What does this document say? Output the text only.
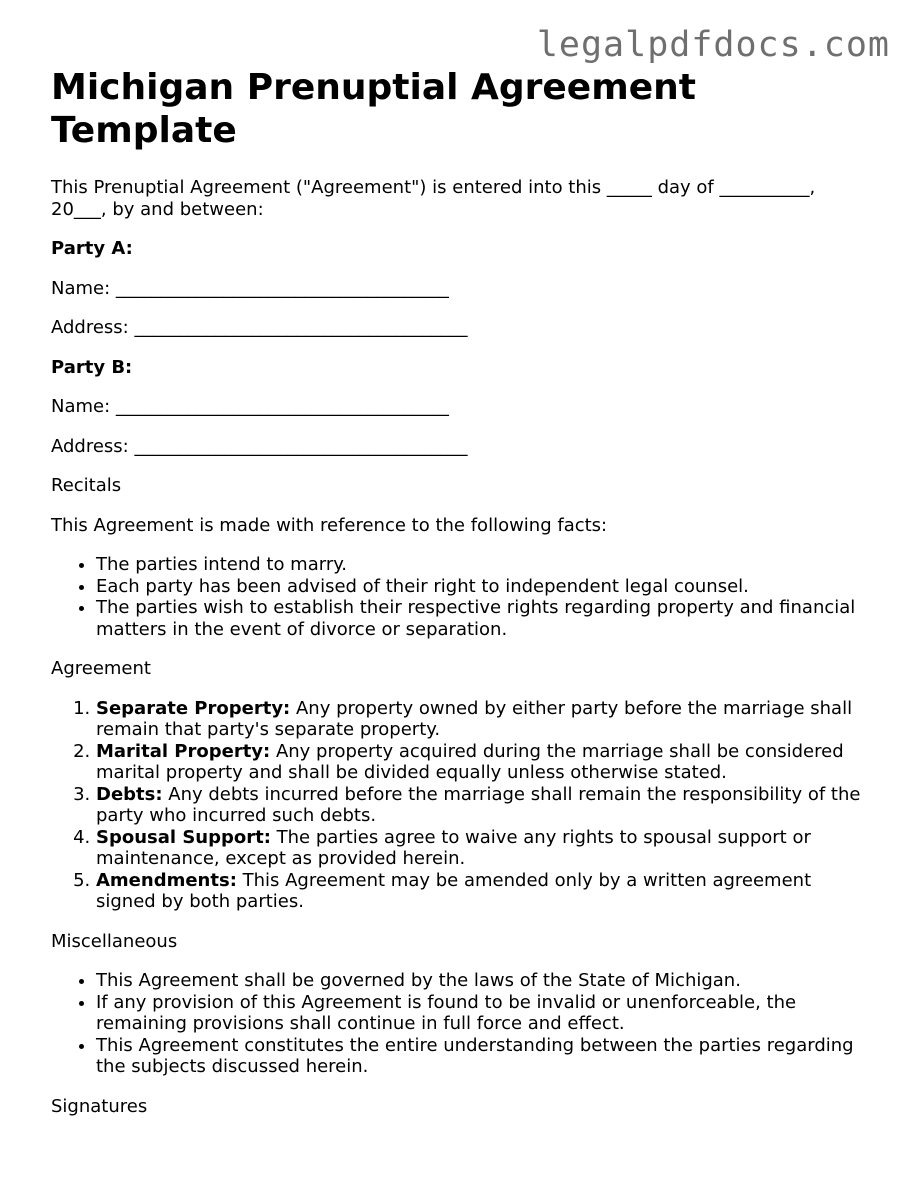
legalpdfdocs.com
Michigan Prenuptial Agreement Template

This Prenuptial Agreement ("Agreement") is entered into this _____ day of __________, 20___, by and between:

Party A:

Name: _____________________________________

Address: _____________________________________

Party B:

Name: _____________________________________

Address: _____________________________________

Recitals

This Agreement is made with reference to the following facts:

• The parties intend to marry.
• Each party has been advised of their right to independent legal counsel.
• The parties wish to establish their respective rights regarding property and financial matters in the event of divorce or separation.

Agreement

1. Separate Property: Any property owned by either party before the marriage shall remain that party's separate property.
2. Marital Property: Any property acquired during the marriage shall be considered marital property and shall be divided equally unless otherwise stated.
3. Debts: Any debts incurred before the marriage shall remain the responsibility of the party who incurred such debts.
4. Spousal Support: The parties agree to waive any rights to spousal support or maintenance, except as provided herein.
5. Amendments: This Agreement may be amended only by a written agreement signed by both parties.

Miscellaneous

• This Agreement shall be governed by the laws of the State of Michigan.
• If any provision of this Agreement is found to be invalid or unenforceable, the remaining provisions shall continue in full force and effect.
• This Agreement constitutes the entire understanding between the parties regarding the subjects discussed herein.

Signatures
